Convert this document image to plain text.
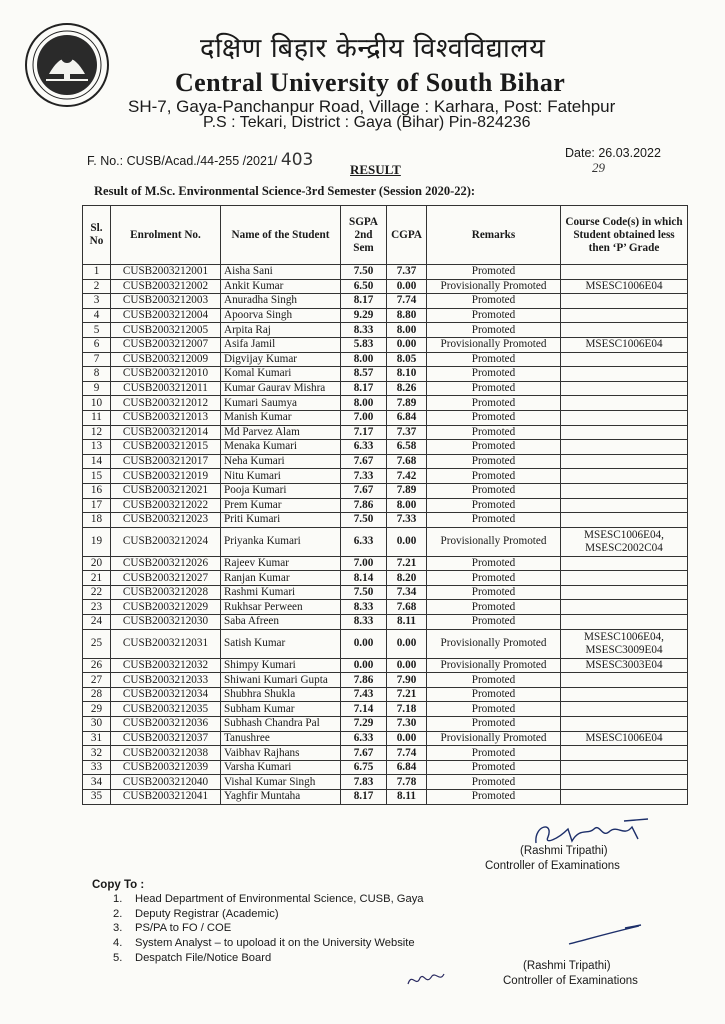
दक्षिण बिहार केन्द्रीय विश्वविद्यालय
Central University of South Bihar
SH-7, Gaya-Panchanpur Road, Village : Karhara, Post: Fatehpur
P.S : Tekari, District : Gaya (Bihar) Pin-824236
F. No.: CUSB/Acad./44-255 /2021/ 403	Date: 26.03.2022
29
RESULT
Result of M.Sc. Environmental Science-3rd Semester (Session 2020-22):
Sl. No	Enrolment No.	Name of the Student	SGPA 2nd Sem	CGPA	Remarks	Course Code(s) in which Student obtained less then ‘P’ Grade
1	CUSB2003212001	Aisha Sani	7.50	7.37	Promoted	
2	CUSB2003212002	Ankit Kumar	6.50	0.00	Provisionally Promoted	MSESC1006E04
3	CUSB2003212003	Anuradha Singh	8.17	7.74	Promoted	
4	CUSB2003212004	Apoorva Singh	9.29	8.80	Promoted	
5	CUSB2003212005	Arpita Raj	8.33	8.00	Promoted	
6	CUSB2003212007	Asifa Jamil	5.83	0.00	Provisionally Promoted	MSESC1006E04
7	CUSB2003212009	Digvijay Kumar	8.00	8.05	Promoted	
8	CUSB2003212010	Komal Kumari	8.57	8.10	Promoted	
9	CUSB2003212011	Kumar Gaurav Mishra	8.17	8.26	Promoted	
10	CUSB2003212012	Kumari Saumya	8.00	7.89	Promoted	
11	CUSB2003212013	Manish Kumar	7.00	6.84	Promoted	
12	CUSB2003212014	Md Parvez Alam	7.17	7.37	Promoted	
13	CUSB2003212015	Menaka Kumari	6.33	6.58	Promoted	
14	CUSB2003212017	Neha Kumari	7.67	7.68	Promoted	
15	CUSB2003212019	Nitu Kumari	7.33	7.42	Promoted	
16	CUSB2003212021	Pooja Kumari	7.67	7.89	Promoted	
17	CUSB2003212022	Prem Kumar	7.86	8.00	Promoted	
18	CUSB2003212023	Priti Kumari	7.50	7.33	Promoted	
19	CUSB2003212024	Priyanka Kumari	6.33	0.00	Provisionally Promoted	MSESC1006E04, MSESC2002C04
20	CUSB2003212026	Rajeev Kumar	7.00	7.21	Promoted	
21	CUSB2003212027	Ranjan Kumar	8.14	8.20	Promoted	
22	CUSB2003212028	Rashmi Kumari	7.50	7.34	Promoted	
23	CUSB2003212029	Rukhsar Perween	8.33	7.68	Promoted	
24	CUSB2003212030	Saba Afreen	8.33	8.11	Promoted	
25	CUSB2003212031	Satish Kumar	0.00	0.00	Provisionally Promoted	MSESC1006E04, MSESC3009E04
26	CUSB2003212032	Shimpy Kumari	0.00	0.00	Provisionally Promoted	MSESC3003E04
27	CUSB2003212033	Shiwani Kumari Gupta	7.86	7.90	Promoted	
28	CUSB2003212034	Shubhra Shukla	7.43	7.21	Promoted	
29	CUSB2003212035	Subham Kumar	7.14	7.18	Promoted	
30	CUSB2003212036	Subhash Chandra Pal	7.29	7.30	Promoted	
31	CUSB2003212037	Tanushree	6.33	0.00	Provisionally Promoted	MSESC1006E04
32	CUSB2003212038	Vaibhav Rajhans	7.67	7.74	Promoted	
33	CUSB2003212039	Varsha Kumari	6.75	6.84	Promoted	
34	CUSB2003212040	Vishal Kumar Singh	7.83	7.78	Promoted	
35	CUSB2003212041	Yaghfir Muntaha	8.17	8.11	Promoted	
(Rashmi Tripathi)
Controller of Examinations
Copy To :
1. Head Department of Environmental Science, CUSB, Gaya
2. Deputy Registrar (Academic)
3. PS/PA to FO / COE
4. System Analyst – to upoload it on the University Website
5. Despatch File/Notice Board
(Rashmi Tripathi)
Controller of Examinations
